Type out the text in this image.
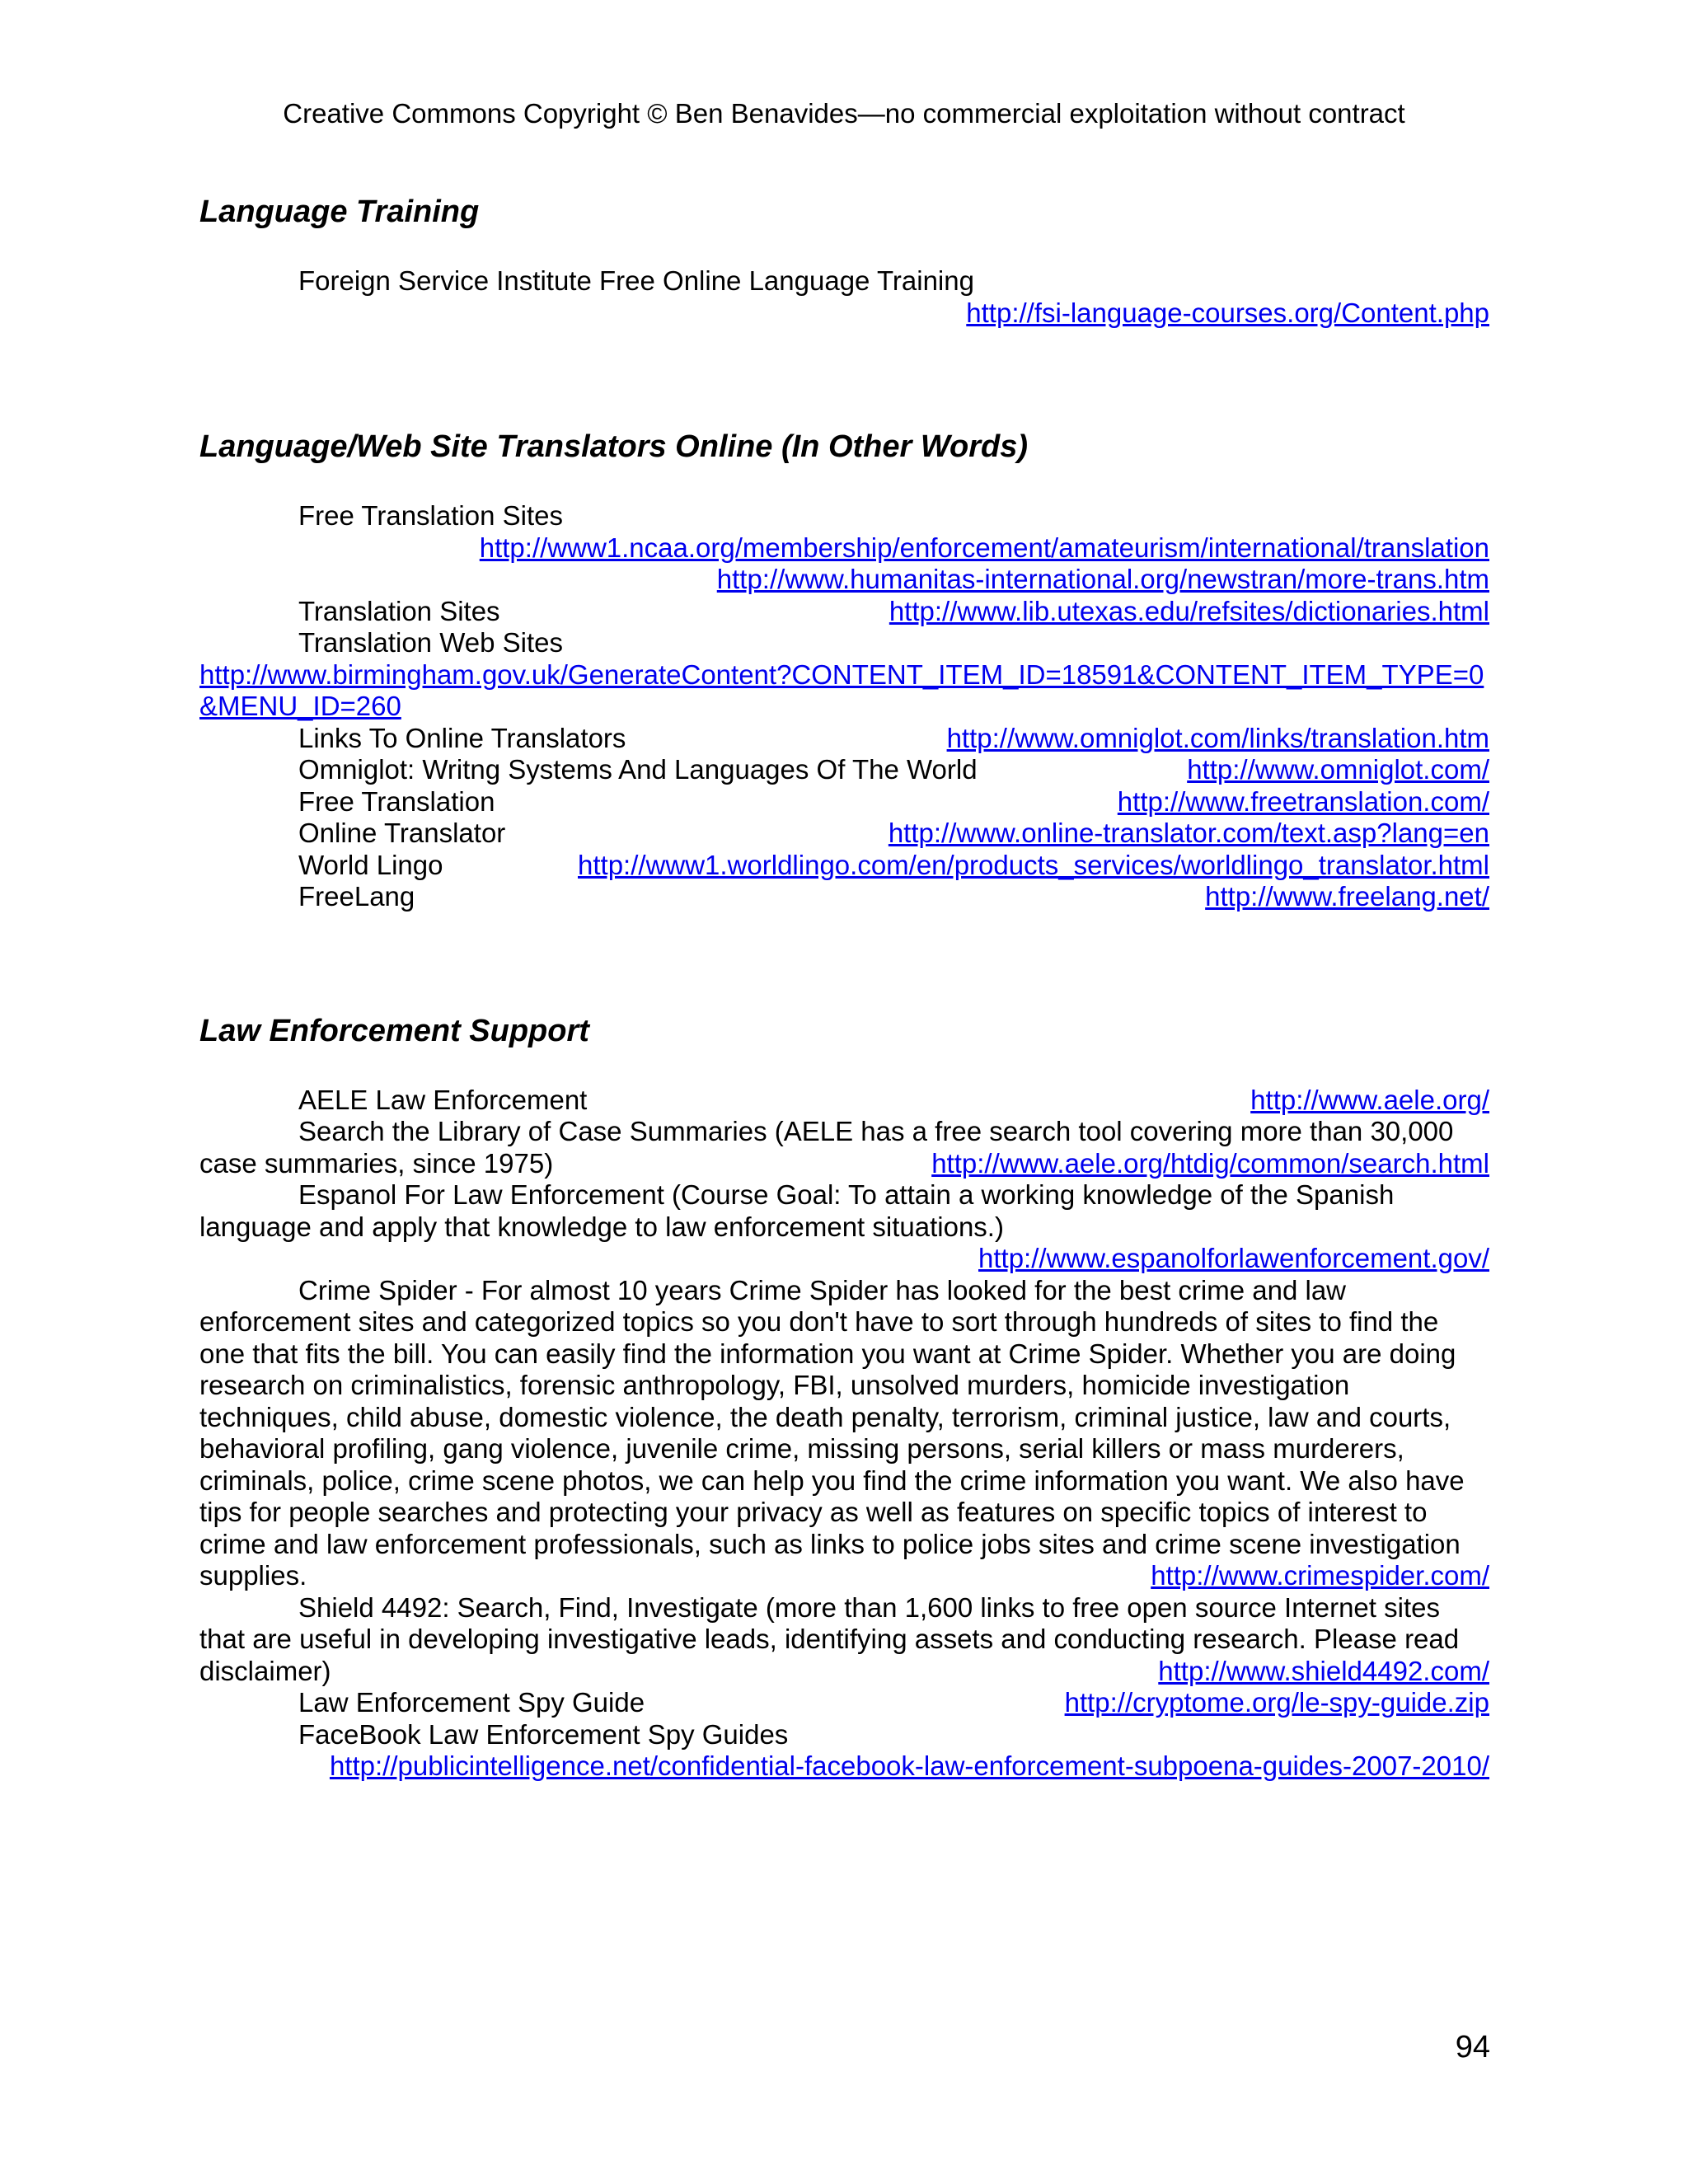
Creative Commons Copyright © Ben Benavides—no commercial exploitation without contract
Language Training
Foreign Service Institute Free Online Language Training
http://fsi-language-courses.org/Content.php
Language/Web Site Translators Online (In Other Words)
Free Translation Sites
http://www1.ncaa.org/membership/enforcement/amateurism/international/translation
http://www.humanitas-international.org/newstran/more-trans.htm
Translation Sites	http://www.lib.utexas.edu/refsites/dictionaries.html
Translation Web Sites
http://www.birmingham.gov.uk/GenerateContent?CONTENT_ITEM_ID=18591&CONTENT_ITEM_TYPE=0&MENU_ID=260
Links To Online Translators	http://www.omniglot.com/links/translation.htm
Omniglot: Writng Systems And Languages Of The World	http://www.omniglot.com/
Free Translation	http://www.freetranslation.com/
Online Translator	http://www.online-translator.com/text.asp?lang=en
World Lingo	http://www1.worldlingo.com/en/products_services/worldlingo_translator.html
FreeLang	http://www.freelang.net/
Law Enforcement Support
AELE Law Enforcement	http://www.aele.org/
Search the Library of Case Summaries (AELE has a free search tool covering more than 30,000 case summaries, since 1975)	http://www.aele.org/htdig/common/search.html
Espanol For Law Enforcement (Course Goal: To attain a working knowledge of the Spanish language and apply that knowledge to law enforcement situations.)
http://www.espanolforlawenforcement.gov/
Crime Spider - For almost 10 years Crime Spider has looked for the best crime and law enforcement sites and categorized topics so you don't have to sort through hundreds of sites to find the one that fits the bill. You can easily find the information you want at Crime Spider. Whether you are doing research on criminalistics, forensic anthropology, FBI, unsolved murders, homicide investigation techniques, child abuse, domestic violence, the death penalty, terrorism, criminal justice, law and courts, behavioral profiling, gang violence, juvenile crime, missing persons, serial killers or mass murderers, criminals, police, crime scene photos, we can help you find the crime information you want. We also have tips for people searches and protecting your privacy as well as features on specific topics of interest to crime and law enforcement professionals, such as links to police jobs sites and crime scene investigation supplies.	http://www.crimespider.com/
Shield 4492: Search, Find, Investigate (more than 1,600 links to free open source Internet sites that are useful in developing investigative leads, identifying assets and conducting research. Please read disclaimer)	http://www.shield4492.com/
Law Enforcement Spy Guide	http://cryptome.org/le-spy-guide.zip
FaceBook Law Enforcement Spy Guides
http://publicintelligence.net/confidential-facebook-law-enforcement-subpoena-guides-2007-2010/
94
